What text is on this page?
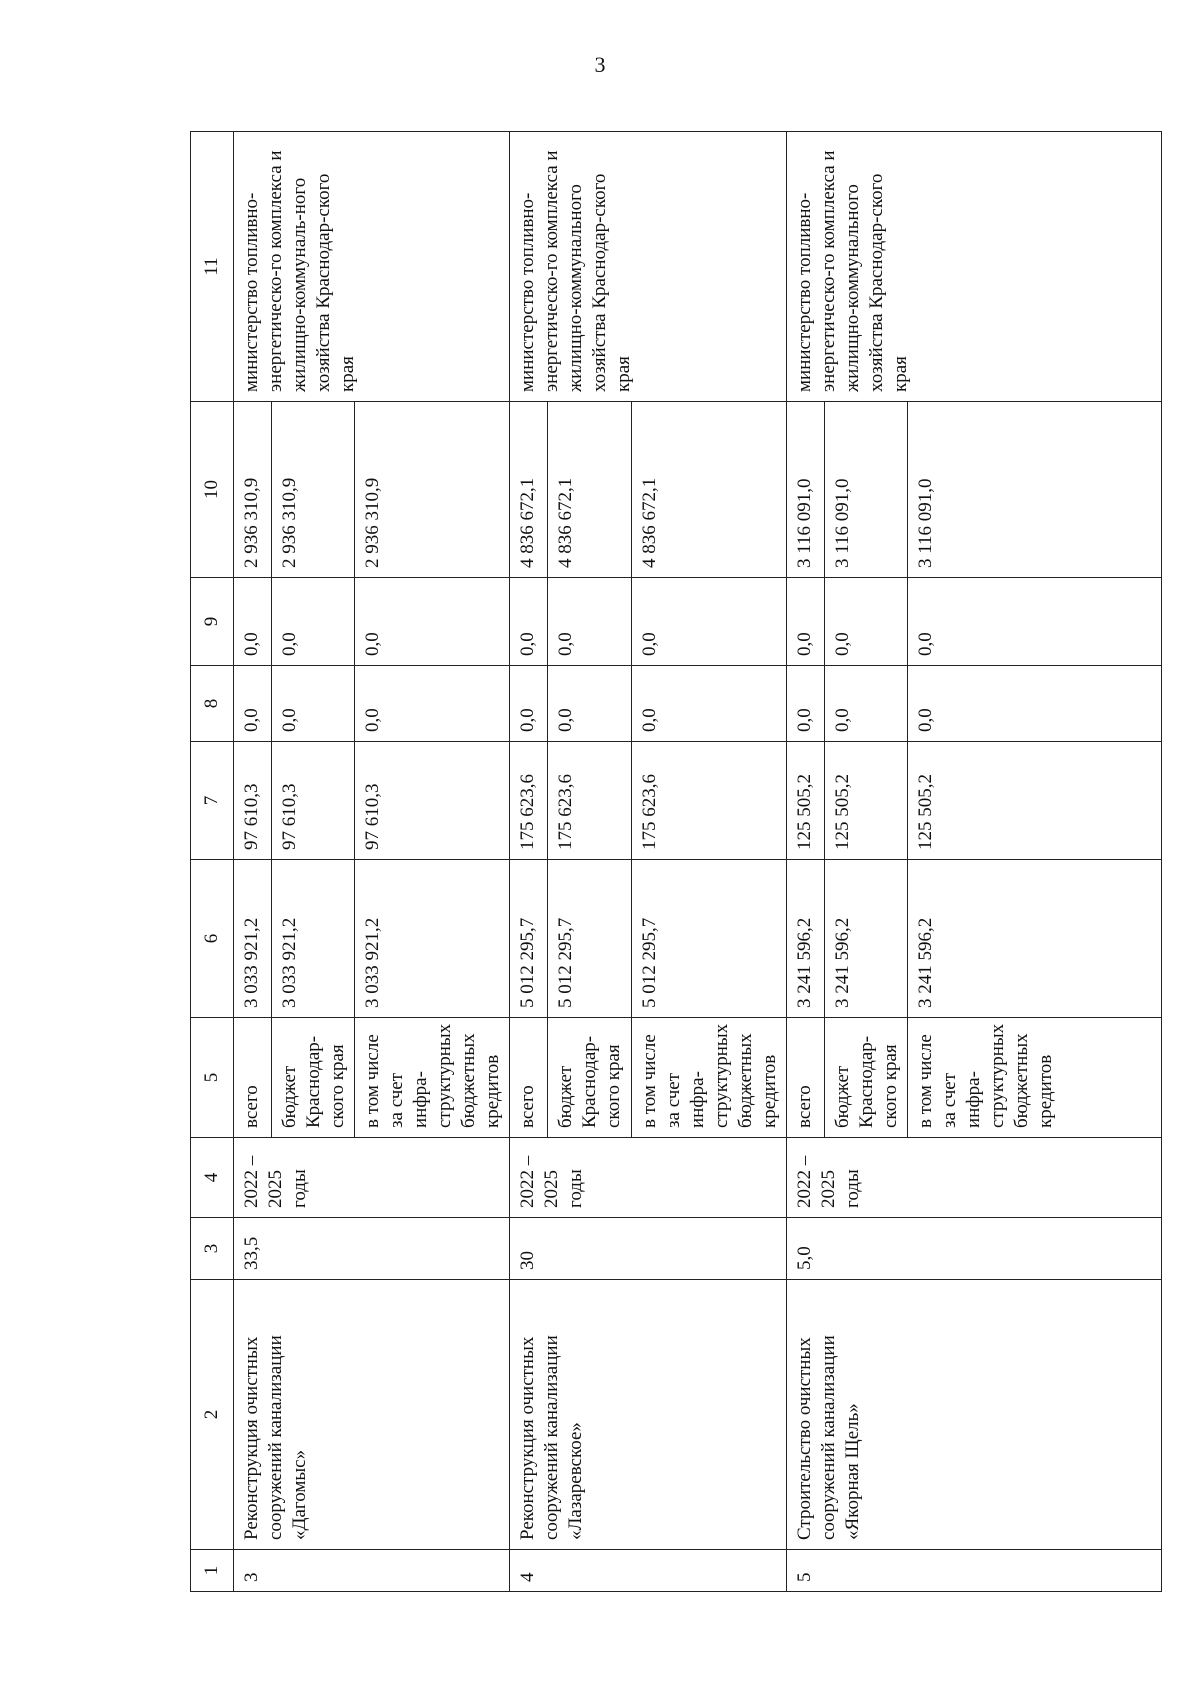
3
1	2	3	4	5	6	7	8	9	10	11
3	Реконструкция очистных сооружений канализации «Дагомыс»	33,5	2022 – 2025 годы	всего	3 033 921,2	97 610,3	0,0	0,0	2 936 310,9	министерство топливно-энергетическо-го комплекса и жилищно-коммуналь-ного хозяйства Краснодар-ского края
				бюджет Краснодар-ского края	3 033 921,2	97 610,3	0,0	0,0	2 936 310,9	
				в том числе за счет инфра-структурных бюджетных кредитов	3 033 921,2	97 610,3	0,0	0,0	2 936 310,9	
4	Реконструкция очистных сооружений канализации «Лазаревское»	30	2022 – 2025 годы	всего	5 012 295,7	175 623,6	0,0	0,0	4 836 672,1	министерство топливно-энергетическо-го комплекса и жилищно-коммунального хозяйства Краснодар-ского края
				бюджет Краснодар-ского края	5 012 295,7	175 623,6	0,0	0,0	4 836 672,1	
				в том числе за счет инфра-структурных бюджетных кредитов	5 012 295,7	175 623,6	0,0	0,0	4 836 672,1	
5	Строительство очистных сооружений канализации «Якорная Щель»	5,0	2022 – 2025 годы	всего	3 241 596,2	125 505,2	0,0	0,0	3 116 091,0	министерство топливно-энергетическо-го комплекса и жилищно-коммунального хозяйства Краснодар-ского края
				бюджет Краснодар-ского края	3 241 596,2	125 505,2	0,0	0,0	3 116 091,0	
				в том числе за счет инфра-структурных бюджетных кредитов	3 241 596,2	125 505,2	0,0	0,0	3 116 091,0	
